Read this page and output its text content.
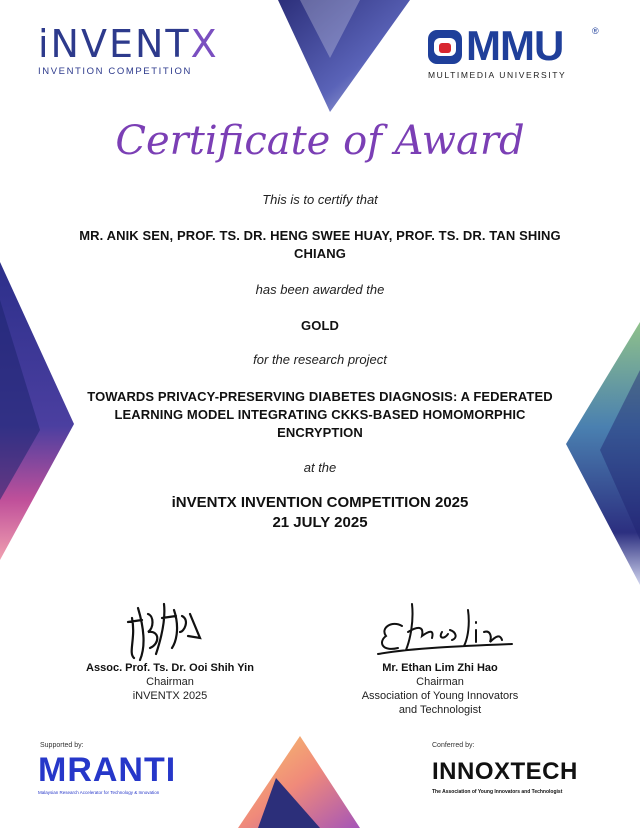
iNVENTX
INVENTION COMPETITION
MMU	®
MULTIMEDIA UNIVERSITY
Certificate of Award
This is to certify that
MR. ANIK SEN, PROF. TS. DR. HENG SWEE HUAY, PROF. TS. DR. TAN SHING
CHIANG
has been awarded the
GOLD
for the research project
TOWARDS PRIVACY-PRESERVING DIABETES DIAGNOSIS: A FEDERATED
LEARNING MODEL INTEGRATING CKKS-BASED HOMOMORPHIC
ENCRYPTION
at the
iNVENTX INVENTION COMPETITION 2025
21 JULY 2025
Assoc. Prof. Ts. Dr. Ooi Shih Yin
Chairman
iNVENTX 2025
Mr. Ethan Lim Zhi Hao
Chairman
Association of Young Innovators
and Technologist
Supported by:
MRANTI
Malaysian Research Accelerator for Technology & Innovation
Conferred by:
INNOXTECH
The Association of Young Innovators and Technologist
